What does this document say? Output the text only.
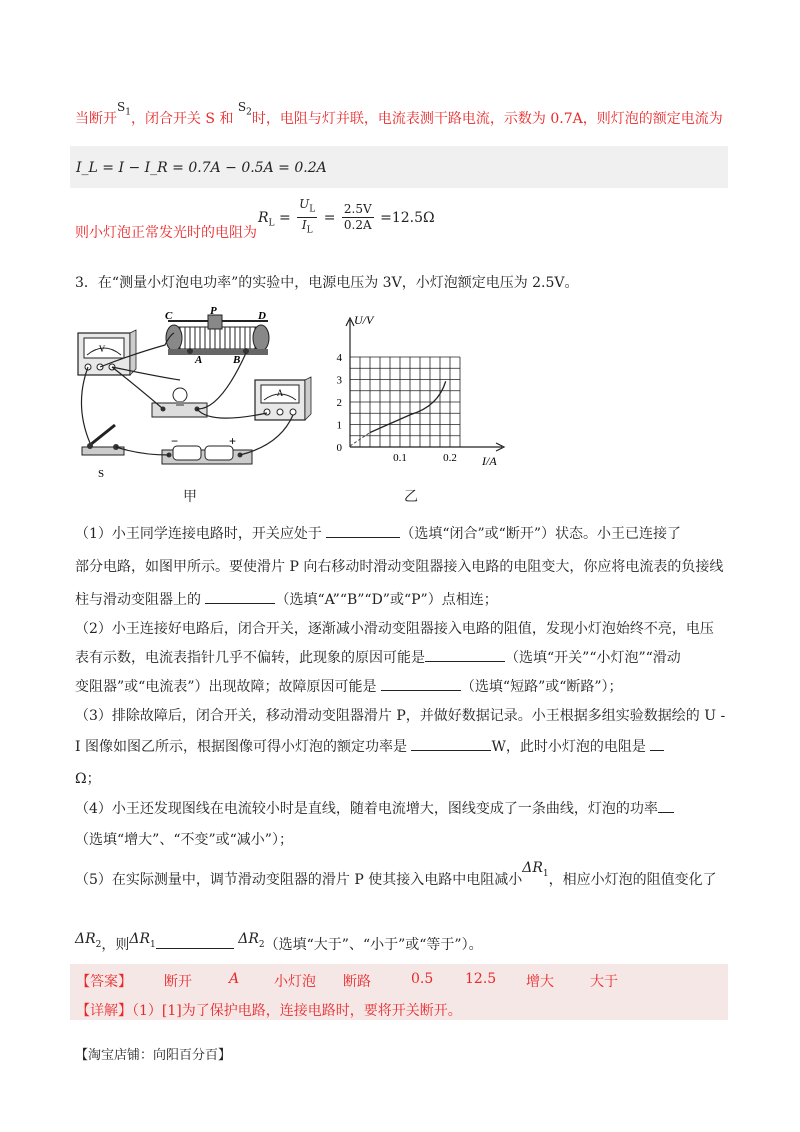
当断开$S_1$，闭合开关 S 和 $S_2$时，电阻与灯并联，电流表测干路电流，示数为 0.7A，则灯泡的额定电流为
I_L = I − I_R = 0.7A − 0.5A = 0.2A
则小灯泡正常发光时的电阻为
$R_L = \frac{U_L}{I_L} = \frac{2.5V}{0.2A} =12.5\Omega$
3．在“测量小灯泡电功率”的实验中，电源电压为 3V，小灯泡额定电压为 2.5V。
V
C	P	D
A	B
A
S
−	+
甲
U/V
I/A
4
3
2
1
0
0.1	0.2
乙
（1）小王同学连接电路时，开关应处于	（选填“闭合”或“断开”）状态。小王已连接了
部分电路，如图甲所示。要使滑片 P 向右移动时滑动变阻器接入电路的电阻变大，你应将电流表的负接线
柱与滑动变阻器上的	（选填“A”“B”“D”或“P”）点相连；
（2）小王连接好电路后，闭合开关，逐渐减小滑动变阻器接入电路的阻值，发现小灯泡始终不亮，电压
表有示数，电流表指针几乎不偏转，此现象的原因可能是	（选填“开关”“小灯泡”“滑动
变阻器”或“电流表”）出现故障；故障原因可能是	（选填“短路”或“断路”）；
（3）排除故障后，闭合开关，移动滑动变阻器滑片 P，并做好数据记录。小王根据多组实验数据绘的 U -
I 图像如图乙所示，根据图像可得小灯泡的额定功率是	W，此时小灯泡的电阻是
Ω；
（4）小王还发现图线在电流较小时是直线，随着电流增大，图线变成了一条曲线，灯泡的功率
（选填“增大”、“不变”或“减小”）；
（5）在实际测量中，调节滑动变阻器的滑片 P 使其接入电路中电阻减小$\Delta R_1$，相应小灯泡的阻值变化了
$\Delta R_2$，则$\Delta R_1$	$\Delta R_2$（选填“大于”、“小于”或“等于”）。
【答案】 断开	A 小灯泡 断路	0.5 12.5 增大	大于
【详解】（1）[1]为了保护电路，连接电路时，要将开关断开。
【淘宝店铺：向阳百分百】
